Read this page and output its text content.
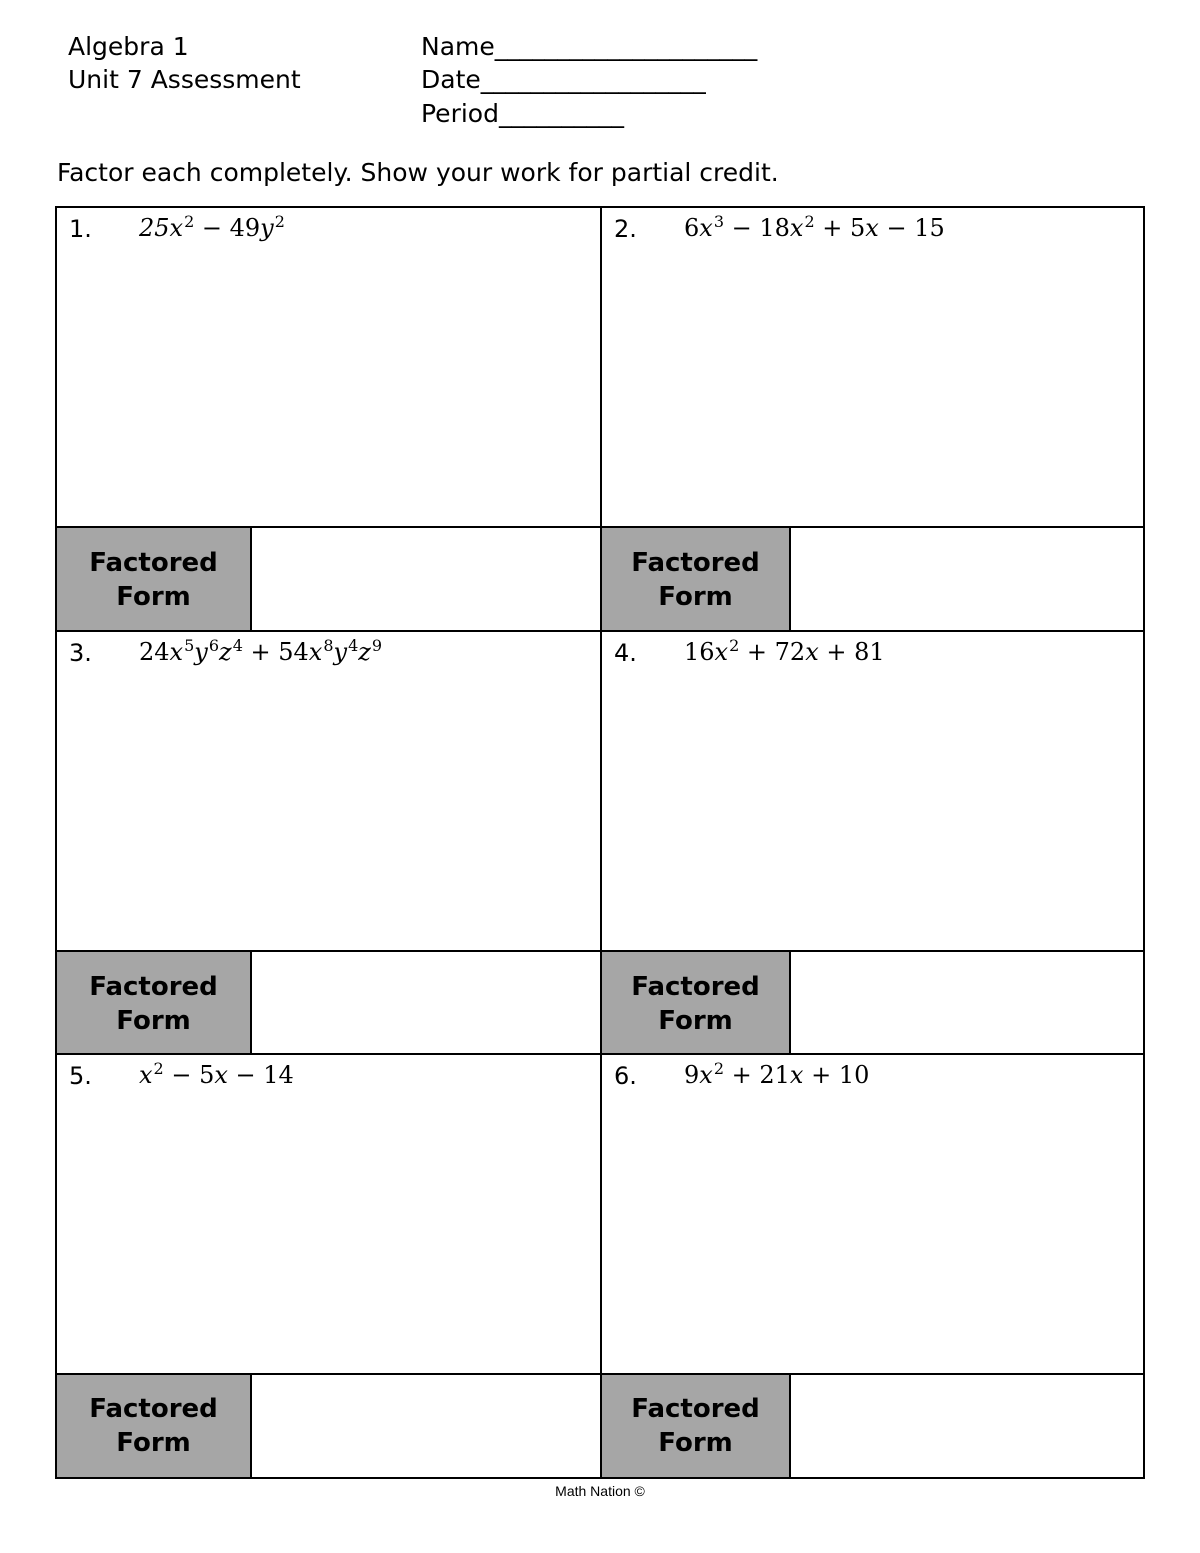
Algebra 1
Unit 7 Assessment
Name_____________________
Date__________________
Period__________
Factor each completely. Show your work for partial credit.
1. $25x^2 - 49y^2$
Factored Form
2. $6x^3 - 18x^2 + 5x - 15$
Factored Form
3. $24x^5y^6z^4 + 54x^8y^4z^9$
Factored Form
4. $16x^2 + 72x + 81$
Factored Form
5. $x^2 - 5x - 14$
Factored Form
6. $9x^2 + 21x + 10$
Factored Form
Math Nation ©
